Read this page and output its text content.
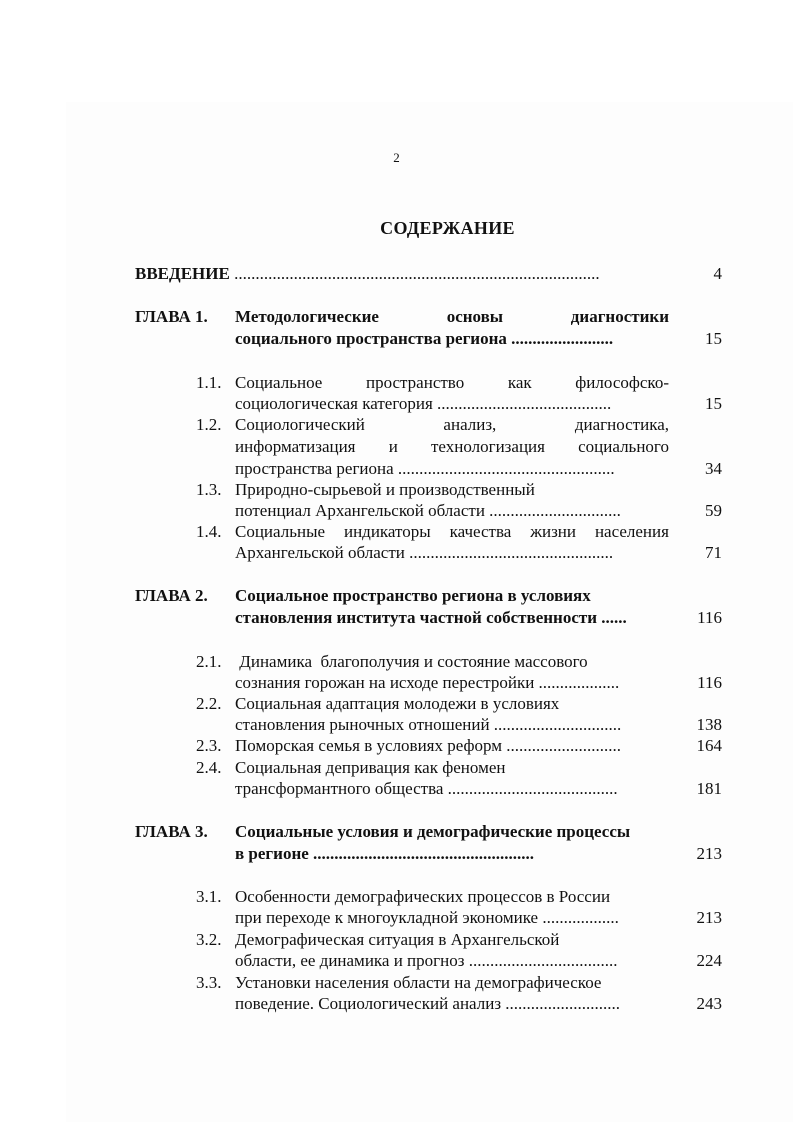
2
СОДЕРЖАНИЕ
ВВЕДЕНИЕ ......................................................................................	4
ГЛАВА 1. Методологические	основы	диагностики
социального пространства региона ........................	15
1.1. Социальное	пространство	как	философско-
социологическая категория .........................................	15
1.2. Социологический	анализ,	диагностика,
информатизация и технологизация социального
пространства региона ...................................................	34
1.3. Природно-сырьевой и производственный
потенциал Архангельской области ...............................	59
1.4. Социальные индикаторы качества жизни населения
Архангельской области ................................................	71
ГЛАВА 2. Социальное пространство региона в условиях
становления института частной собственности ......	116
2.1. Динамика  благополучия и состояние массового
сознания горожан на исходе перестройки ...................	116
2.2. Социальная адаптация молодежи в условиях
становления рыночных отношений ..............................	138
2.3. Поморская семья в условиях реформ ...........................	164
2.4. Социальная депривация как феномен
трансформантного общества ........................................	181
ГЛАВА 3. Социальные условия и демографические процессы
в регионе ....................................................	213
3.1. Особенности демографических процессов в России
при переходе к многоукладной экономике ..................	213
3.2. Демографическая ситуация в Архангельской
области, ее динамика и прогноз ...................................	224
3.3. Установки населения области на демографическое
поведение. Социологический анализ ...........................	243
